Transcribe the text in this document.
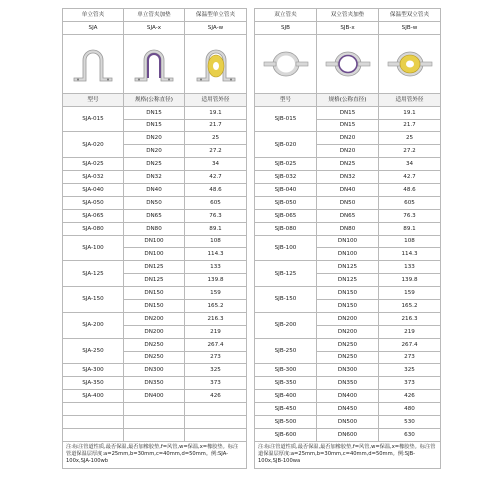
单立管夹	单立管夹加垫	保温型单立管夹
SJA	SJA-x	SJA-w

型号	规格(公称直径)	适用管外径
SJA-015	DN15	19.1
	DN15	21.7
SJA-020	DN20	25
	DN20	27.2
SJA-025	DN25	34
SJA-032	DN32	42.7
SJA-040	DN40	48.6
SJA-050	DN50	605
SJA-065	DN65	76.3
SJA-080	DN80	89.1
SJA-100	DN100	108
	DN100	114.3
SJA-125	DN125	133
	DN125	139.8
SJA-150	DN150	159
	DN150	165.2
SJA-200	DN200	216.3
	DN200	219
SJA-250	DN250	267.4
	DN250	273
SJA-300	DN300	325
SJA-350	DN350	373
SJA-400	DN400	426

注:标注管道性质,最否保温,最否加橡胶垫,f=风管,w=保温,x=橡胶垫。标注管道保温层厚度:a=25mm,b=30mm,c=40mm,d=50mm。例:SJA-100x,SJA-100wb		
双立管夹	双立管夹加垫	保温型双立管夹
SJB	SJB-x	SJB-w

型号	规格(公称直径)	适用管外径
SJB-015	DN15	19.1
	DN15	21.7
SJB-020	DN20	25
	DN20	27.2
SJB-025	DN25	34
SJB-032	DN32	42.7
SJB-040	DN40	48.6
SJB-050	DN50	605
SJB-065	DN65	76.3
SJB-080	DN80	89.1
SJB-100	DN100	108
	DN100	114.3
SJB-125	DN125	133
	DN125	139.8
SJB-150	DN150	159
	DN150	165.2
SJB-200	DN200	216.3
	DN200	219
SJB-250	DN250	267.4
	DN250	273
SJB-300	DN300	325
SJB-350	DN350	373
SJB-400	DN400	426
SJB-450	DN450	480
SJB-500	DN500	530
SJB-600	DN600	630
注:标注管道性质,最否保温,最否加橡胶垫,f=风管,w=保温,x=橡胶垫。标注管道保温层厚度:a=25mm,b=30mm,c=40mm,d=50mm。例:SJB-100x,SJB-100wa		
